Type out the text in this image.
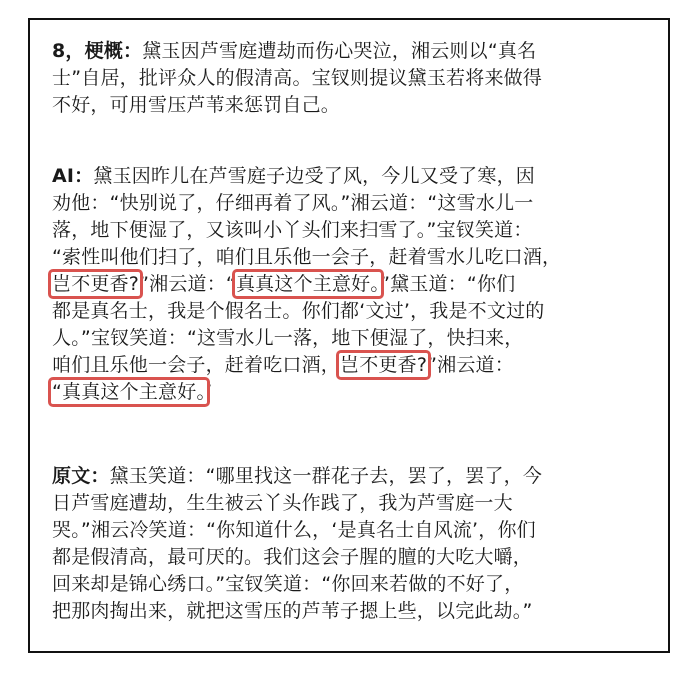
8，梗概：黛玉因芦雪庭遭劫而伤心哭泣，湘云则以“真名
士”自居，批评众人的假清高。宝钗则提议黛玉若将来做得
不好，可用雪压芦苇来惩罚自己。
AI：黛玉因昨儿在芦雪庭子边受了风，今儿又受了寒，因
劝他：“快别说了，仔细再着了风。”湘云道：“这雪水儿一
落，地下便湿了，又该叫小丫头们来扫雪了。”宝钗笑道：
“索性叫他们扫了，咱们且乐他一会子，赶着雪水儿吃口酒，
岂不更香?”湘云道：“真真这个主意好。”黛玉道：“你们
都是真名士，我是个假名士。你们都‘文过’，我是不文过的
人。”宝钗笑道：“这雪水儿一落，地下便湿了，快扫来，
咱们且乐他一会子，赶着吃口酒，岂不更香?”湘云道：
“真真这个主意好。’
原文：黛玉笑道：“哪里找这一群花子去，罢了，罢了，今
日芦雪庭遭劫，生生被云丫头作践了，我为芦雪庭一大
哭。”湘云冷笑道：“你知道什么，‘是真名士自风流’，你们
都是假清高，最可厌的。我们这会子腥的膻的大吃大嚼，
回来却是锦心绣口。”宝钗笑道：“你回来若做的不好了，
把那肉掏出来，就把这雪压的芦苇子摁上些，以完此劫。”
